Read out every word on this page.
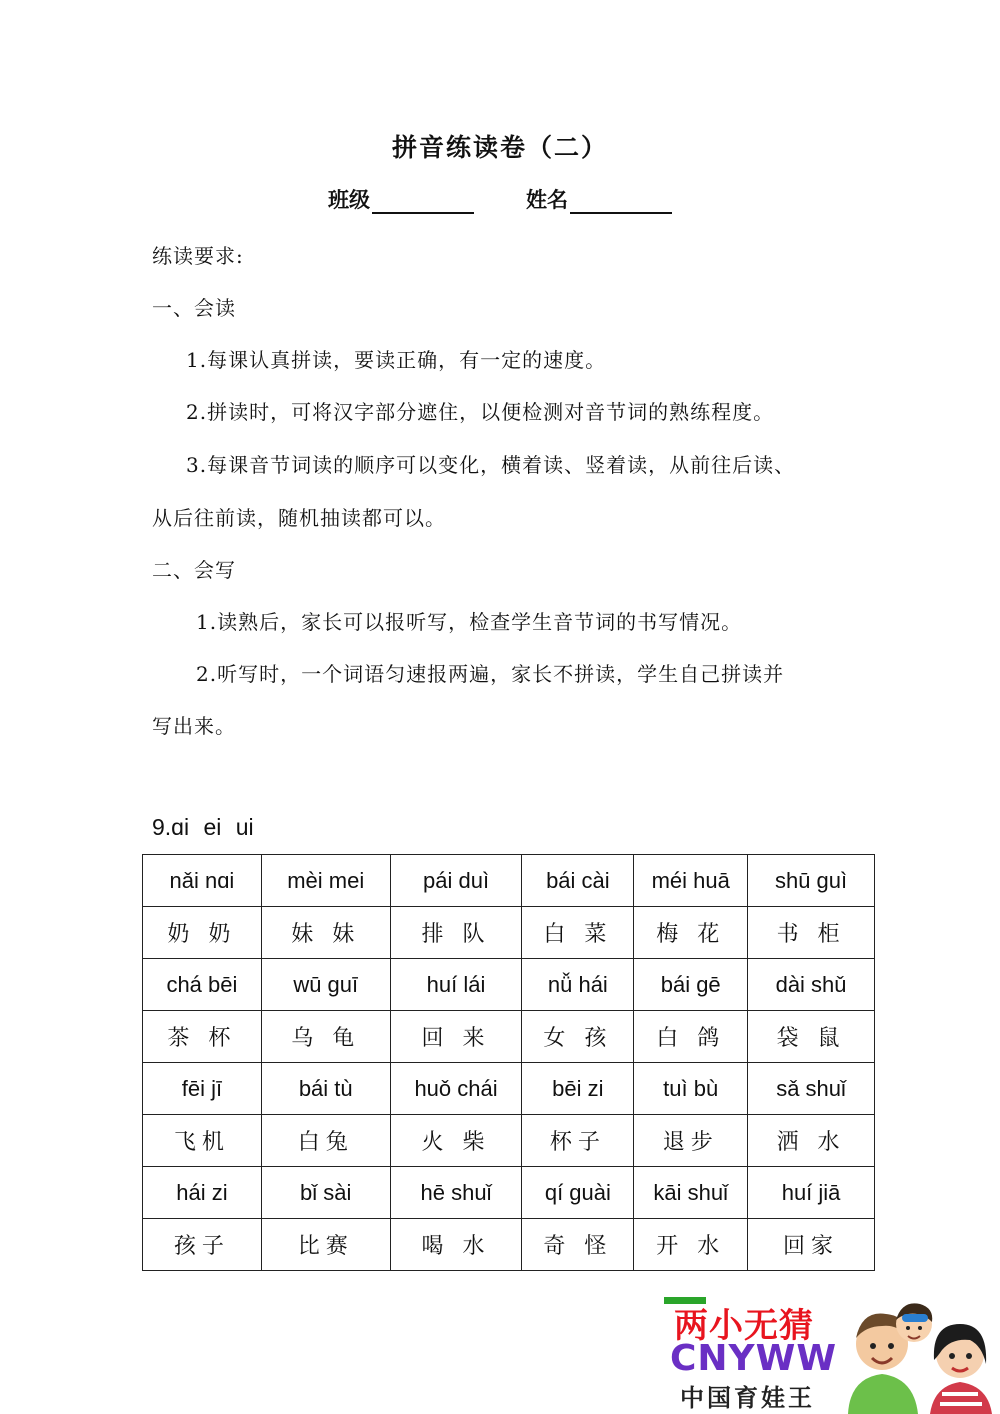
拼音练读卷（二）
班级	姓名
练读要求:
一、会读
1.每课认真拼读，要读正确，有一定的速度。
2.拼读时，可将汉字部分遮住，以便检测对音节词的熟练程度。
3.每课音节词读的顺序可以变化，横着读、竖着读，从前往后读、
从后往前读，随机抽读都可以。
二、会写
1.读熟后，家长可以报听写，检查学生音节词的书写情况。
2.听写时，一个词语匀速报两遍，家长不拼读，学生自己拼读并
写出来。
9.ɑi ei ui
nǎi nɑi	mèi mei	pái duì	bái cài	méi huā	shū guì
奶 奶	妹 妹	排 队	白 菜	梅 花	书 柜
chá bēi	wū guī	huí lái	nǚ hái	bái gē	dài shǔ
茶 杯	乌 龟	回 来	女 孩	白 鸽	袋 鼠
fēi jī	bái tù	huǒ chái	bēi zi	tuì bù	sǎ shuǐ
飞机	白兔	火 柴	杯子	退步	洒 水
hái zi	bǐ sài	hē shuǐ	qí guài	kāi shuǐ	huí jiā
孩子	比赛	喝 水	奇 怪	开 水	回家
两小无猜
CNYWW
中国育娃王
